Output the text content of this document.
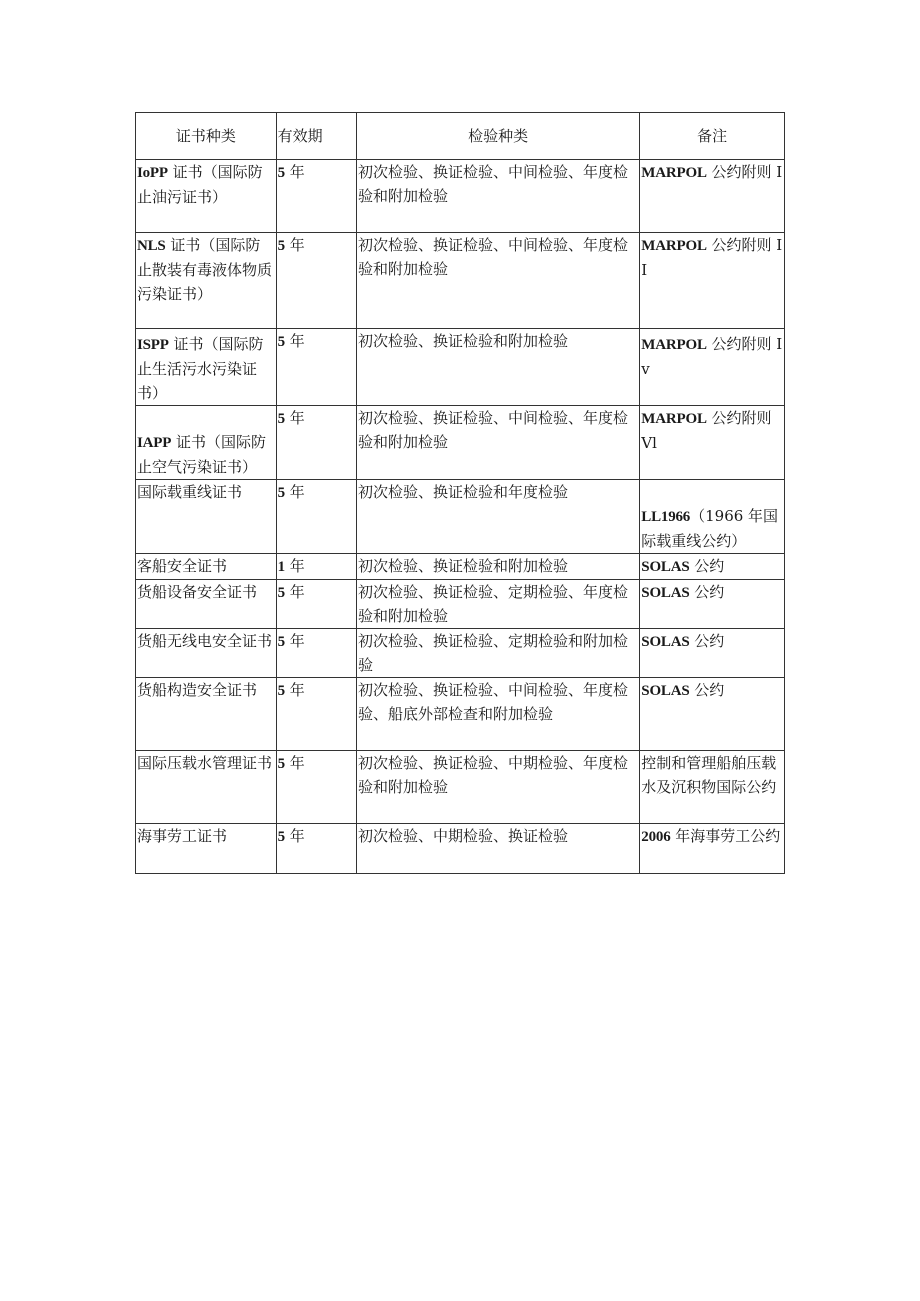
证书种类	有效期	检验种类	备注
IoPP 证书（国际防止油污证书）	5 年	初次检验、换证检验、中间检验、年度检验和附加检验	MARPOL 公约附则 I
NLS 证书（国际防止散装有毒液体物质污染证书）	5 年	初次检验、换证检验、中间检验、年度检验和附加检验	MARPOL 公约附则 II
ISPP 证书（国际防止生活污水污染证书）	5 年	初次检验、换证检验和附加检验	MARPOL 公约附则 Iv
IAPP 证书（国际防止空气污染证书）	5 年	初次检验、换证检验、中间检验、年度检验和附加检验	MARPOL 公约附则 Vl
国际载重线证书	5 年	初次检验、换证检验和年度检验	LL1966（1966 年国际载重线公约）
客船安全证书	1 年	初次检验、换证检验和附加检验	SOLAS 公约
货船设备安全证书	5 年	初次检验、换证检验、定期检验、年度检验和附加检验	SOLAS 公约
货船无线电安全证书	5 年	初次检验、换证检验、定期检验和附加检验	SOLAS 公约
货船构造安全证书	5 年	初次检验、换证检验、中间检验、年度检验、船底外部检查和附加检验	SOLAS 公约
国际压载水管理证书	5 年	初次检验、换证检验、中期检验、年度检验和附加检验	控制和管理船舶压载水及沉积物国际公约
海事劳工证书	5 年	初次检验、中期检验、换证检验	2006 年海事劳工公约
